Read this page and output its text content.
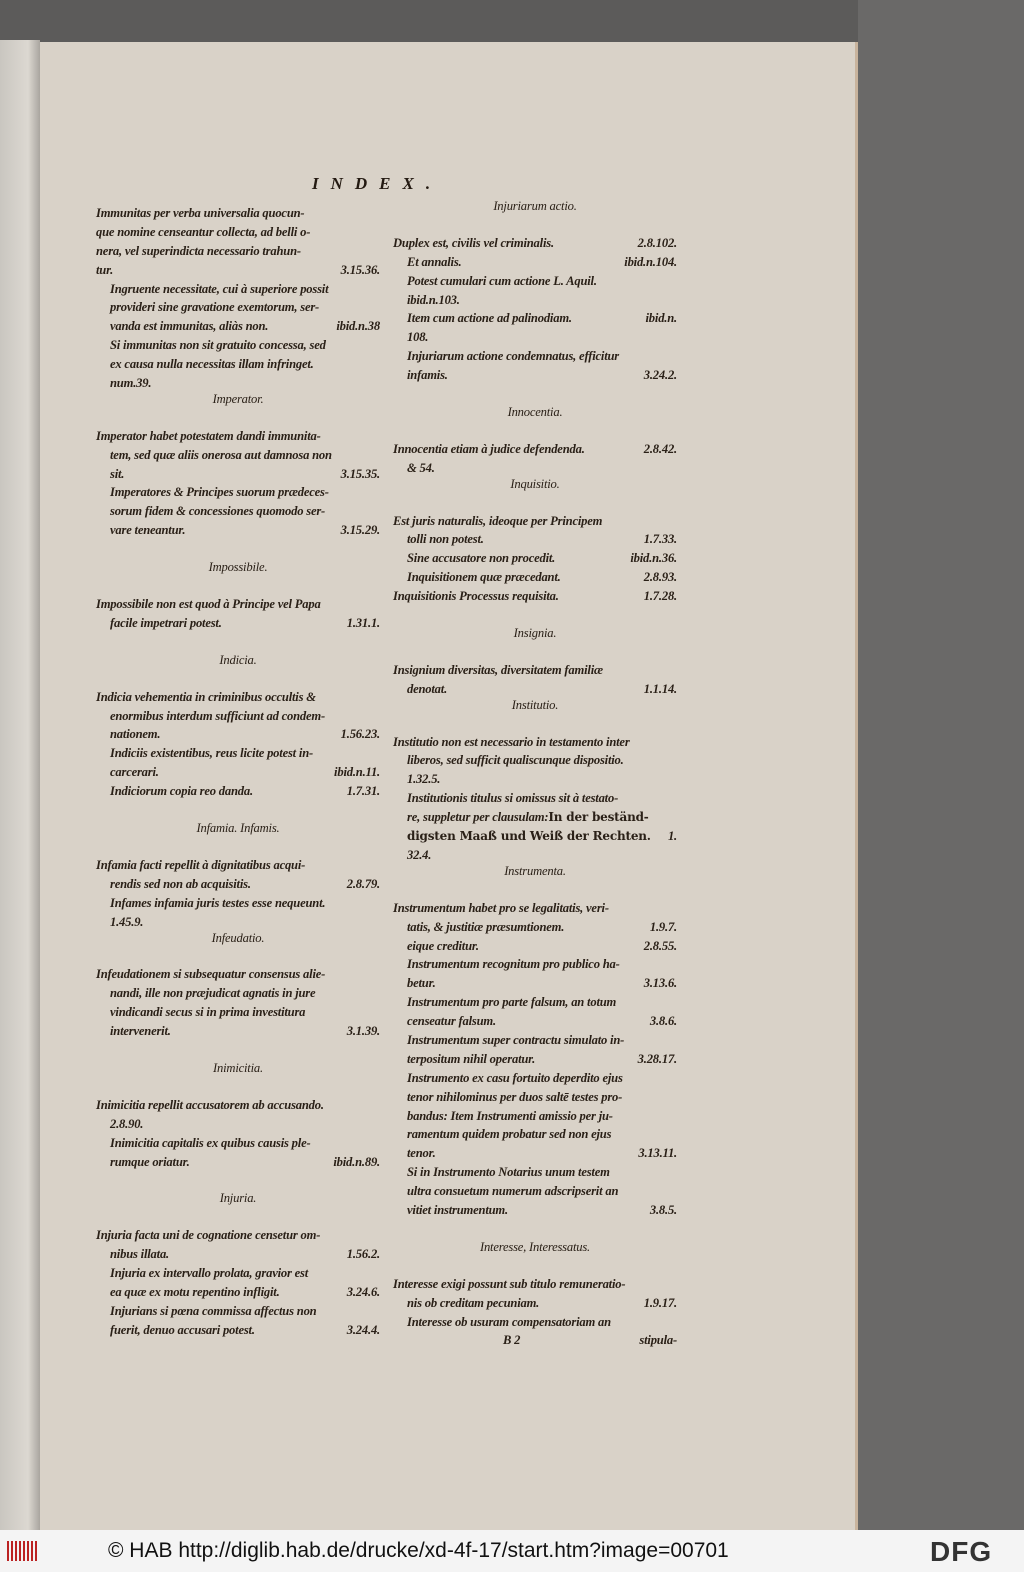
INDEX.
Immunitas per verba universalia quocun-
que nomine censeantur collecta, ad belli o-
nera, vel superindicta necessario trahun-
tur.	3.15.36.
Ingruente necessitate, cui à superiore possit
provideri sine gravatione exemtorum, ser-
vanda est immunitas, aliàs non.	ibid.n.38
Si immunitas non sit gratuito concessa, sed
ex causa nulla necessitas illam infringet.
num.39.
Imperator.
Imperator habet potestatem dandi immunita-
tem, sed quæ aliis onerosa aut damnosa non
sit.	3.15.35.
Imperatores & Principes suorum prædeces-
sorum fidem & concessiones quomodo ser-
vare teneantur.	3.15.29.
Impossibile.
Impossibile non est quod à Principe vel Papa
facile impetrari potest.	1.31.1.
Indicia.
Indicia vehementia in criminibus occultis &
enormibus interdum sufficiunt ad condem-
nationem.	1.56.23.
Indiciis existentibus, reus licite potest in-
carcerari.	ibid.n.11.
Indiciorum copia reo danda.	1.7.31.
Infamia. Infamis.
Infamia facti repellit à dignitatibus acqui-
rendis sed non ab acquisitis.	2.8.79.
Infames infamia juris testes esse nequeunt.
1.45.9.
Infeudatio.
Infeudationem si subsequatur consensus alie-
nandi, ille non præjudicat agnatis in jure
vindicandi secus si in prima investitura
intervenerit.	3.1.39.
Inimicitia.
Inimicitia repellit accusatorem ab accusando.
2.8.90.
Inimicitia capitalis ex quibus causis ple-
rumque oriatur.	ibid.n.89.
Injuria.
Injuria facta uni de cognatione censetur om-
nibus illata.	1.56.2.
Injuria ex intervallo prolata, gravior est
ea quæ ex motu repentino infligit.	3.24.6.
Injurians si pœna commissa affectus non
fuerit, denuo accusari potest.	3.24.4.
Injuriarum actio.
Duplex est, civilis vel criminalis.	2.8.102.
Et annalis.	ibid.n.104.
Potest cumulari cum actione L. Aquil.
ibid.n.103.
Item cum actione ad palinodiam.	ibid.n.
108.
Injuriarum actione condemnatus, efficitur
infamis.	3.24.2.
Innocentia.
Innocentia etiam à judice defendenda.	2.8.42.
& 54.
Inquisitio.
Est juris naturalis, ideoque per Principem
tolli non potest.	1.7.33.
Sine accusatore non procedit.	ibid.n.36.
Inquisitionem quæ præcedant.	2.8.93.
Inquisitionis Processus requisita.	1.7.28.
Insignia.
Insignium diversitas, diversitatem familiæ
denotat.	1.1.14.
Institutio.
Institutio non est necessario in testamento inter
liberos, sed sufficit qualiscunque dispositio.
1.32.5.
Institutionis titulus si omissus sit à testato-
re, suppletur per clausulam:In der beständ-
digsten Maaß und Weiß der Rechten. 1.
32.4.
Instrumenta.
Instrumentum habet pro se legalitatis, veri-
tatis, & justitiæ præsumtionem.	1.9.7.
eique creditur.	2.8.55.
Instrumentum recognitum pro publico ha-
betur.	3.13.6.
Instrumentum pro parte falsum, an totum
censeatur falsum.	3.8.6.
Instrumentum super contractu simulato in-
terpositum nihil operatur.	3.28.17.
Instrumento ex casu fortuito deperdito ejus
tenor nihilominus per duos saltē testes pro-
bandus: Item Instrumenti amissio per ju-
ramentum quidem probatur sed non ejus
tenor.	3.13.11.
Si in Instrumento Notarius unum testem
ultra consuetum numerum adscripserit an
vitiet instrumentum.	3.8.5.
Interesse, Interessatus.
Interesse exigi possunt sub titulo remuneratio-
nis ob creditam pecuniam.	1.9.17.
Interesse ob usuram compensatoriam an
B 2	stipula-
© HAB http://diglib.hab.de/drucke/xd-4f-17/start.htm?image=00701	DFG
